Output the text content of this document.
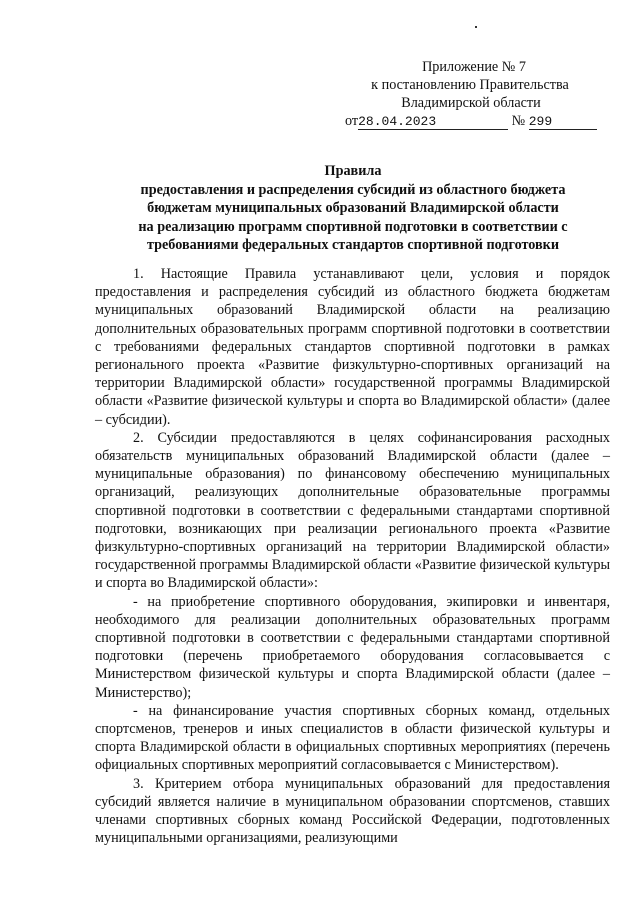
Приложение № 7
к постановлению Правительства
Владимирской области
от28.04.2023	№ 299
Правила
предоставления и распределения субсидий из областного бюджета
бюджетам муниципальных образований Владимирской области
на реализацию программ спортивной подготовки в соответствии с
требованиями федеральных стандартов спортивной подготовки

1. Настоящие Правила устанавливают цели, условия и порядок предоставления и распределения субсидий из областного бюджета бюджетам муниципальных образований Владимирской области на реализацию дополнительных образовательных программ спортивной подготовки в соответствии с требованиями федеральных стандартов спортивной подготовки в рамках регионального проекта «Развитие физкультурно-спортивных организаций на территории Владимирской области» государственной программы Владимирской области «Развитие физической культуры и спорта во Владимирской области» (далее – субсидии).

2. Субсидии предоставляются в целях софинансирования расходных обязательств муниципальных образований Владимирской области (далее – муниципальные образования) по финансовому обеспечению муниципальных организаций, реализующих дополнительные образовательные программы спортивной подготовки в соответствии с федеральными стандартами спортивной подготовки, возникающих при реализации регионального проекта «Развитие физкультурно-спортивных организаций на территории Владимирской области» государственной программы Владимирской области «Развитие физической культуры и спорта во Владимирской области»:

- на приобретение спортивного оборудования, экипировки и инвентаря, необходимого для реализации дополнительных образовательных программ спортивной подготовки в соответствии с федеральными стандартами спортивной подготовки (перечень приобретаемого оборудования согласовывается с Министерством физической культуры и спорта Владимирской области (далее – Министерство);

- на финансирование участия спортивных сборных команд, отдельных спортсменов, тренеров и иных специалистов в области физической культуры и спорта Владимирской области в официальных спортивных мероприятиях (перечень официальных спортивных мероприятий согласовывается с Министерством).

3. Критерием отбора муниципальных образований для предоставления субсидий является наличие в муниципальном образовании спортсменов, ставших членами спортивных сборных команд Российской Федерации, подготовленных муниципальными организациями, реализующими
